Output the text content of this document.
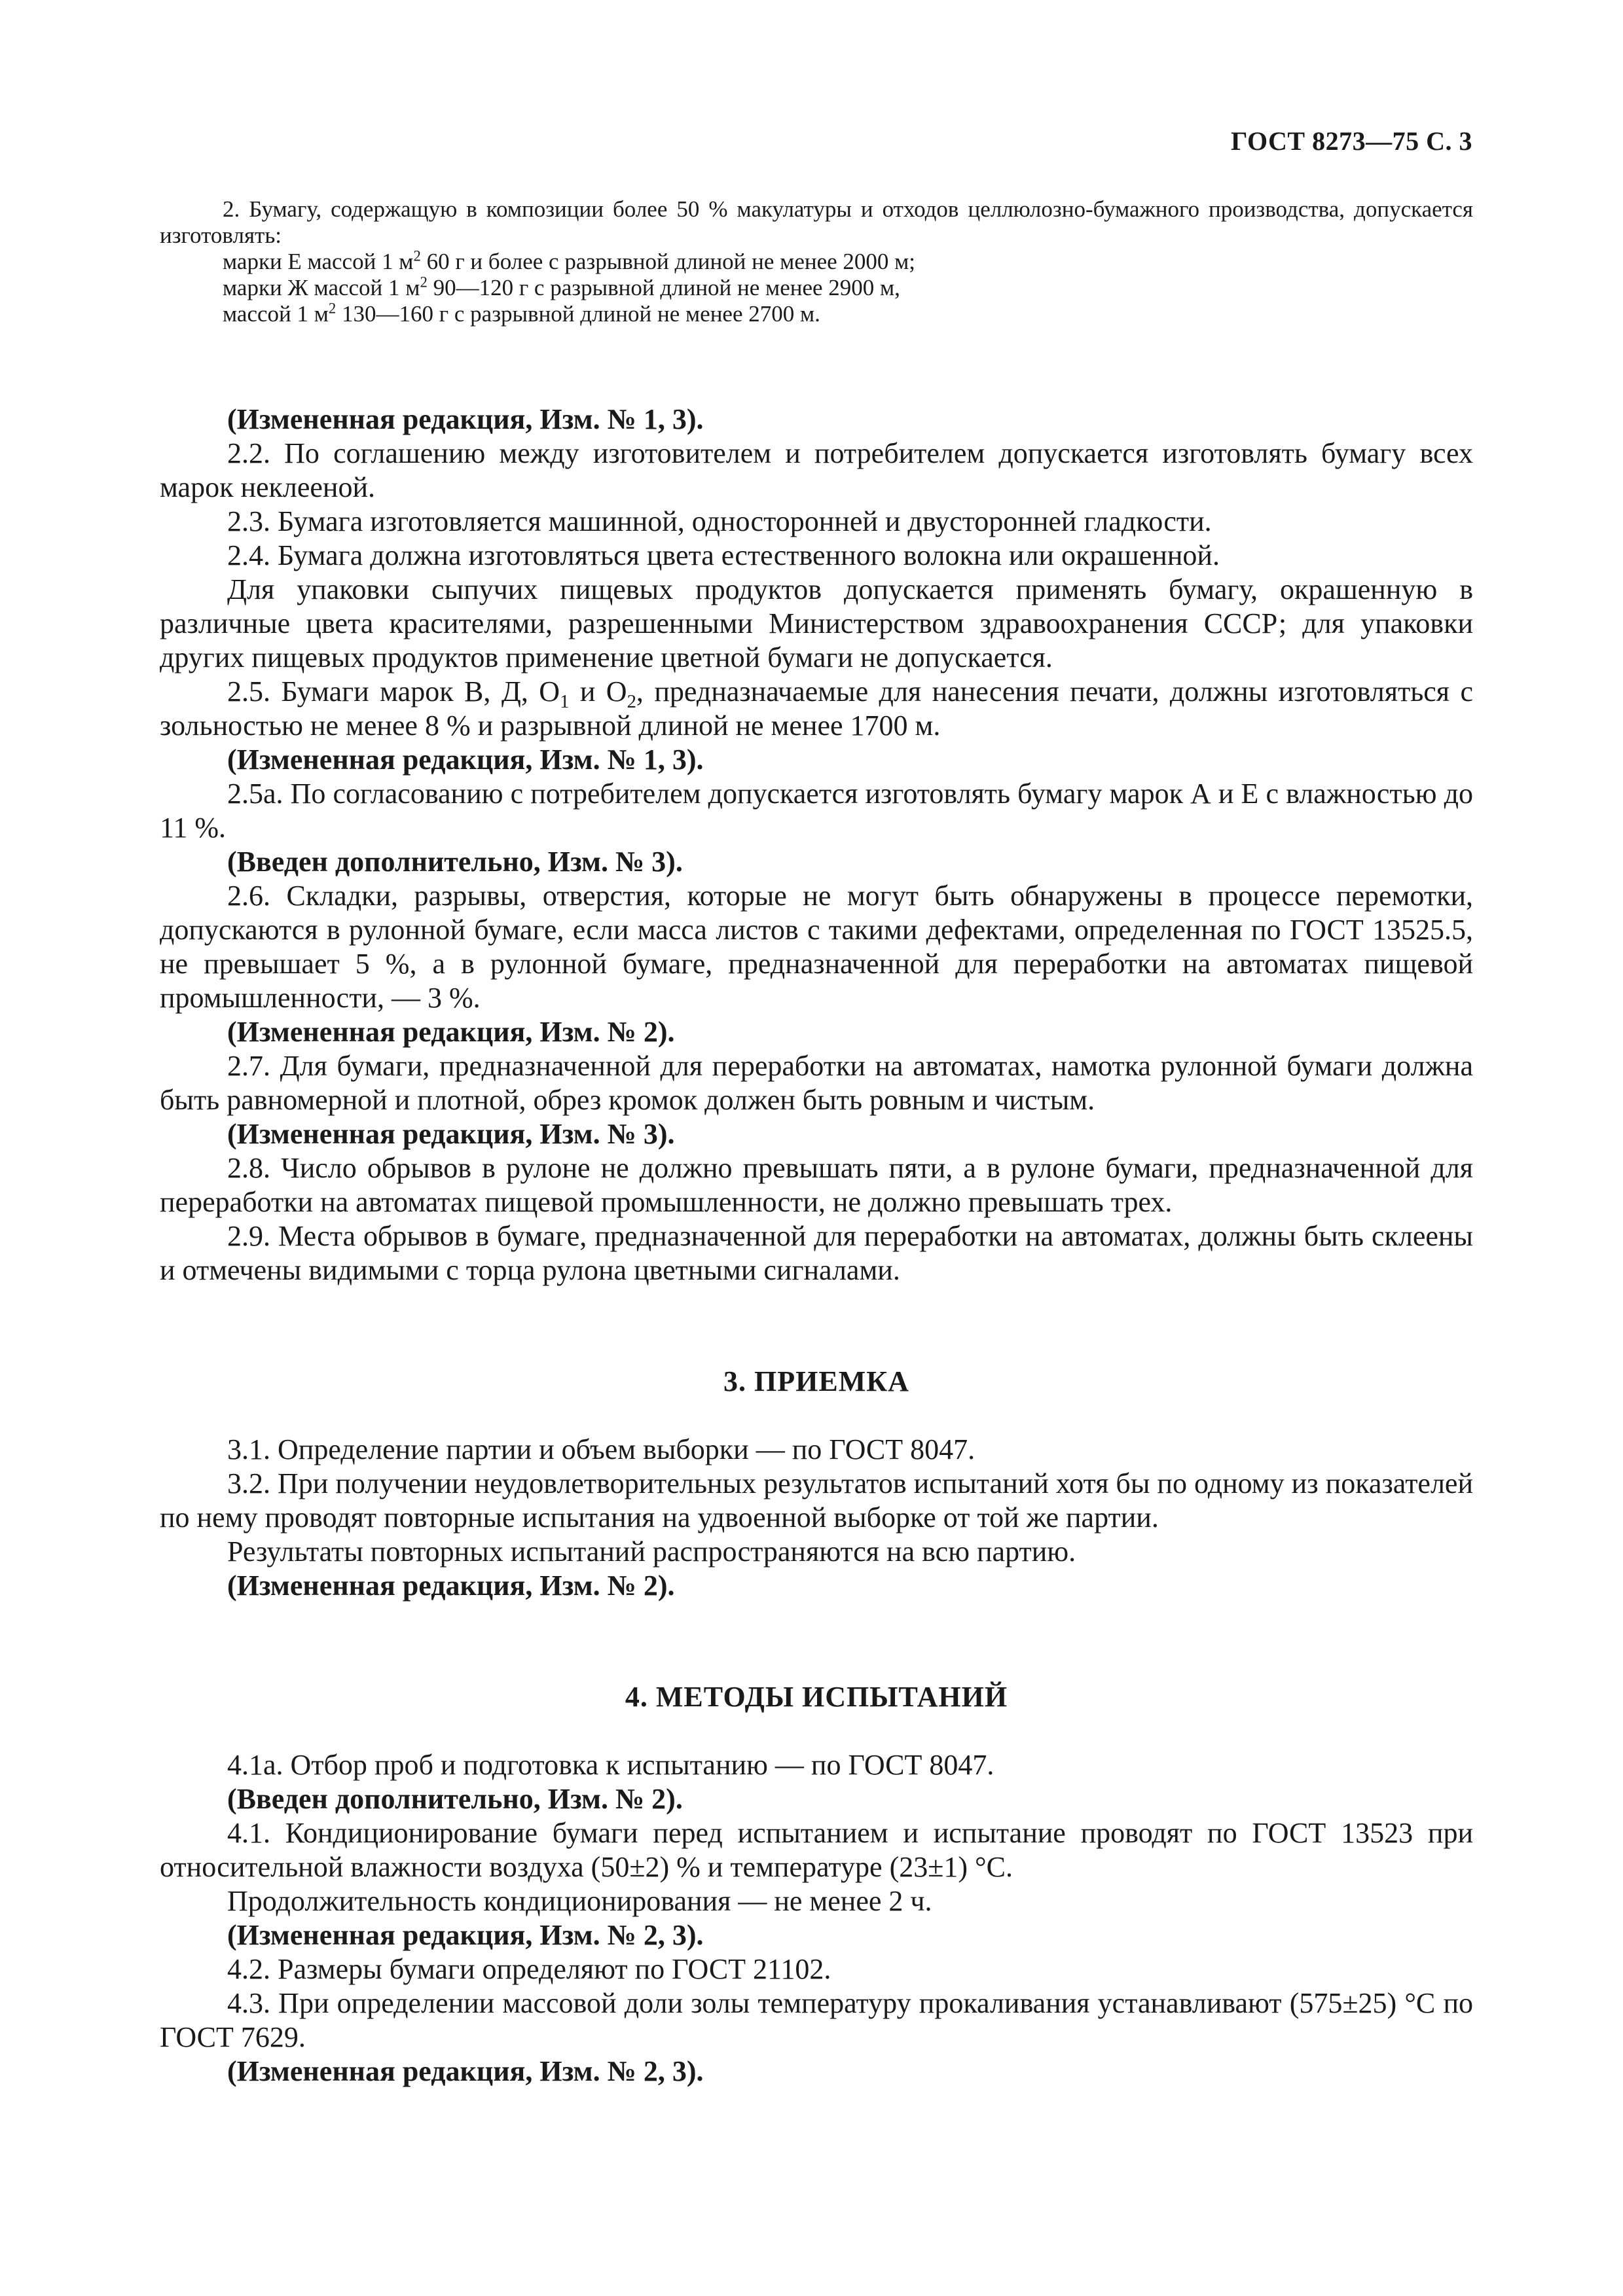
ГОСТ 8273—75 С. 3

2. Бумагу, содержащую в композиции более 50 % макулатуры и отходов целлюлозно-бумажного производства, допускается изготовлять:

марки Е массой 1 $м^2$ 60 г и более с разрывной длиной не менее 2000 м;

марки Ж массой 1 $м^2$ 90—120 г с разрывной длиной не менее 2900 м,

массой 1 $м^2$ 130—160 г с разрывной длиной не менее 2700 м.

(Измененная редакция, Изм. № 1, 3).

2.2. По соглашению между изготовителем и потребителем допускается изготовлять бумагу всех марок неклееной.

2.3. Бумага изготовляется машинной, односторонней и двусторонней гладкости.

2.4. Бумага должна изготовляться цвета естественного волокна или окрашенной.

Для упаковки сыпучих пищевых продуктов допускается применять бумагу, окрашенную в различные цвета красителями, разрешенными Министерством здравоохранения СССР; для упаковки других пищевых продуктов применение цветной бумаги не допускается.

2.5. Бумаги марок В, Д, $О_1$ и $О_2$, предназначаемые для нанесения печати, должны изготовляться с зольностью не менее 8 % и разрывной длиной не менее 1700 м.

(Измененная редакция, Изм. № 1, 3).

2.5а. По согласованию с потребителем допускается изготовлять бумагу марок А и Е с влажностью до 11 %.

(Введен дополнительно, Изм. № 3).

2.6. Складки, разрывы, отверстия, которые не могут быть обнаружены в процессе перемотки, допускаются в рулонной бумаге, если масса листов с такими дефектами, определенная по ГОСТ 13525.5, не превышает 5 %, а в рулонной бумаге, предназначенной для переработки на автоматах пищевой промышленности, — 3 %.

(Измененная редакция, Изм. № 2).

2.7. Для бумаги, предназначенной для переработки на автоматах, намотка рулонной бумаги должна быть равномерной и плотной, обрез кромок должен быть ровным и чистым.

(Измененная редакция, Изм. № 3).

2.8. Число обрывов в рулоне не должно превышать пяти, а в рулоне бумаги, предназначенной для переработки на автоматах пищевой промышленности, не должно превышать трех.

2.9. Места обрывов в бумаге, предназначенной для переработки на автоматах, должны быть склеены и отмечены видимыми с торца рулона цветными сигналами.

3. ПРИЕМКА

3.1. Определение партии и объем выборки — по ГОСТ 8047.

3.2. При получении неудовлетворительных результатов испытаний хотя бы по одному из показателей по нему проводят повторные испытания на удвоенной выборке от той же партии.

Результаты повторных испытаний распространяются на всю партию.

(Измененная редакция, Изм. № 2).

4. МЕТОДЫ ИСПЫТАНИЙ

4.1а. Отбор проб и подготовка к испытанию — по ГОСТ 8047.

(Введен дополнительно, Изм. № 2).

4.1. Кондиционирование бумаги перед испытанием и испытание проводят по ГОСТ 13523 при относительной влажности воздуха (50±2) % и температуре (23±1) °С.

Продолжительность кондиционирования — не менее 2 ч.

(Измененная редакция, Изм. № 2, 3).

4.2. Размеры бумаги определяют по ГОСТ 21102.

4.3. При определении массовой доли золы температуру прокаливания устанавливают (575±25) °С по ГОСТ 7629.

(Измененная редакция, Изм. № 2, 3).
